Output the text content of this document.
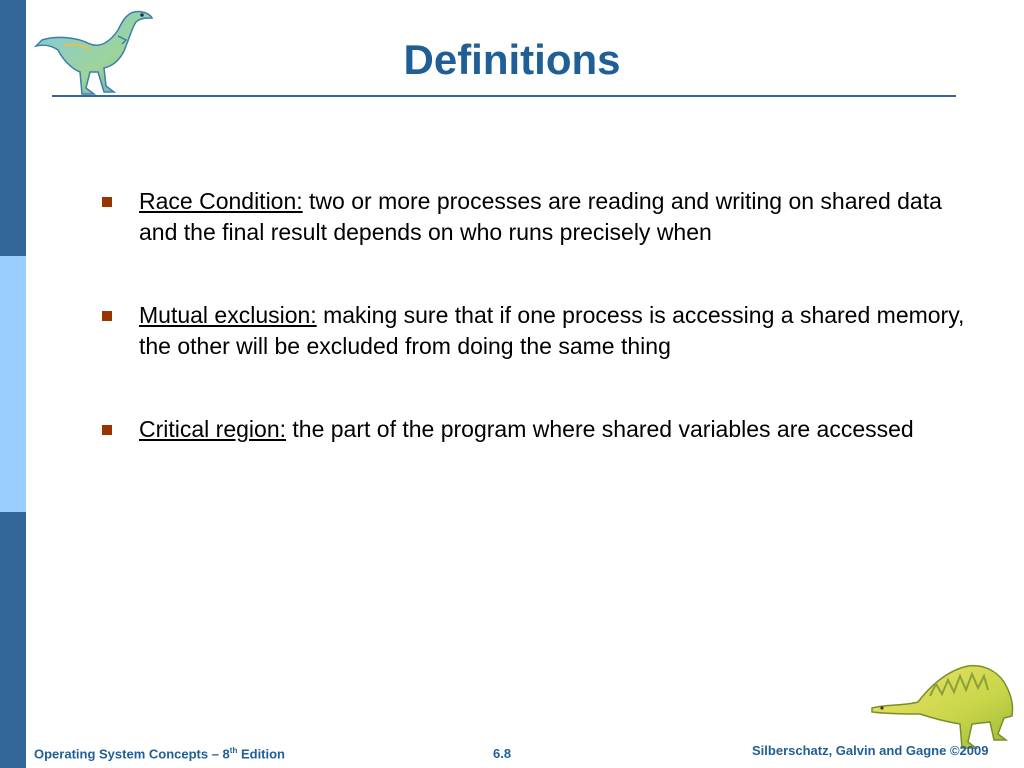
Definitions
Race Condition: two or more processes are reading and writing on shared data and the final result depends on who runs precisely when
Mutual exclusion: making sure that if one process is accessing a shared memory, the other will be excluded from doing the same thing
Critical region: the part of the program where shared variables are accessed
Operating System Concepts – 8th Edition	6.8	Silberschatz, Galvin and Gagne ©2009
